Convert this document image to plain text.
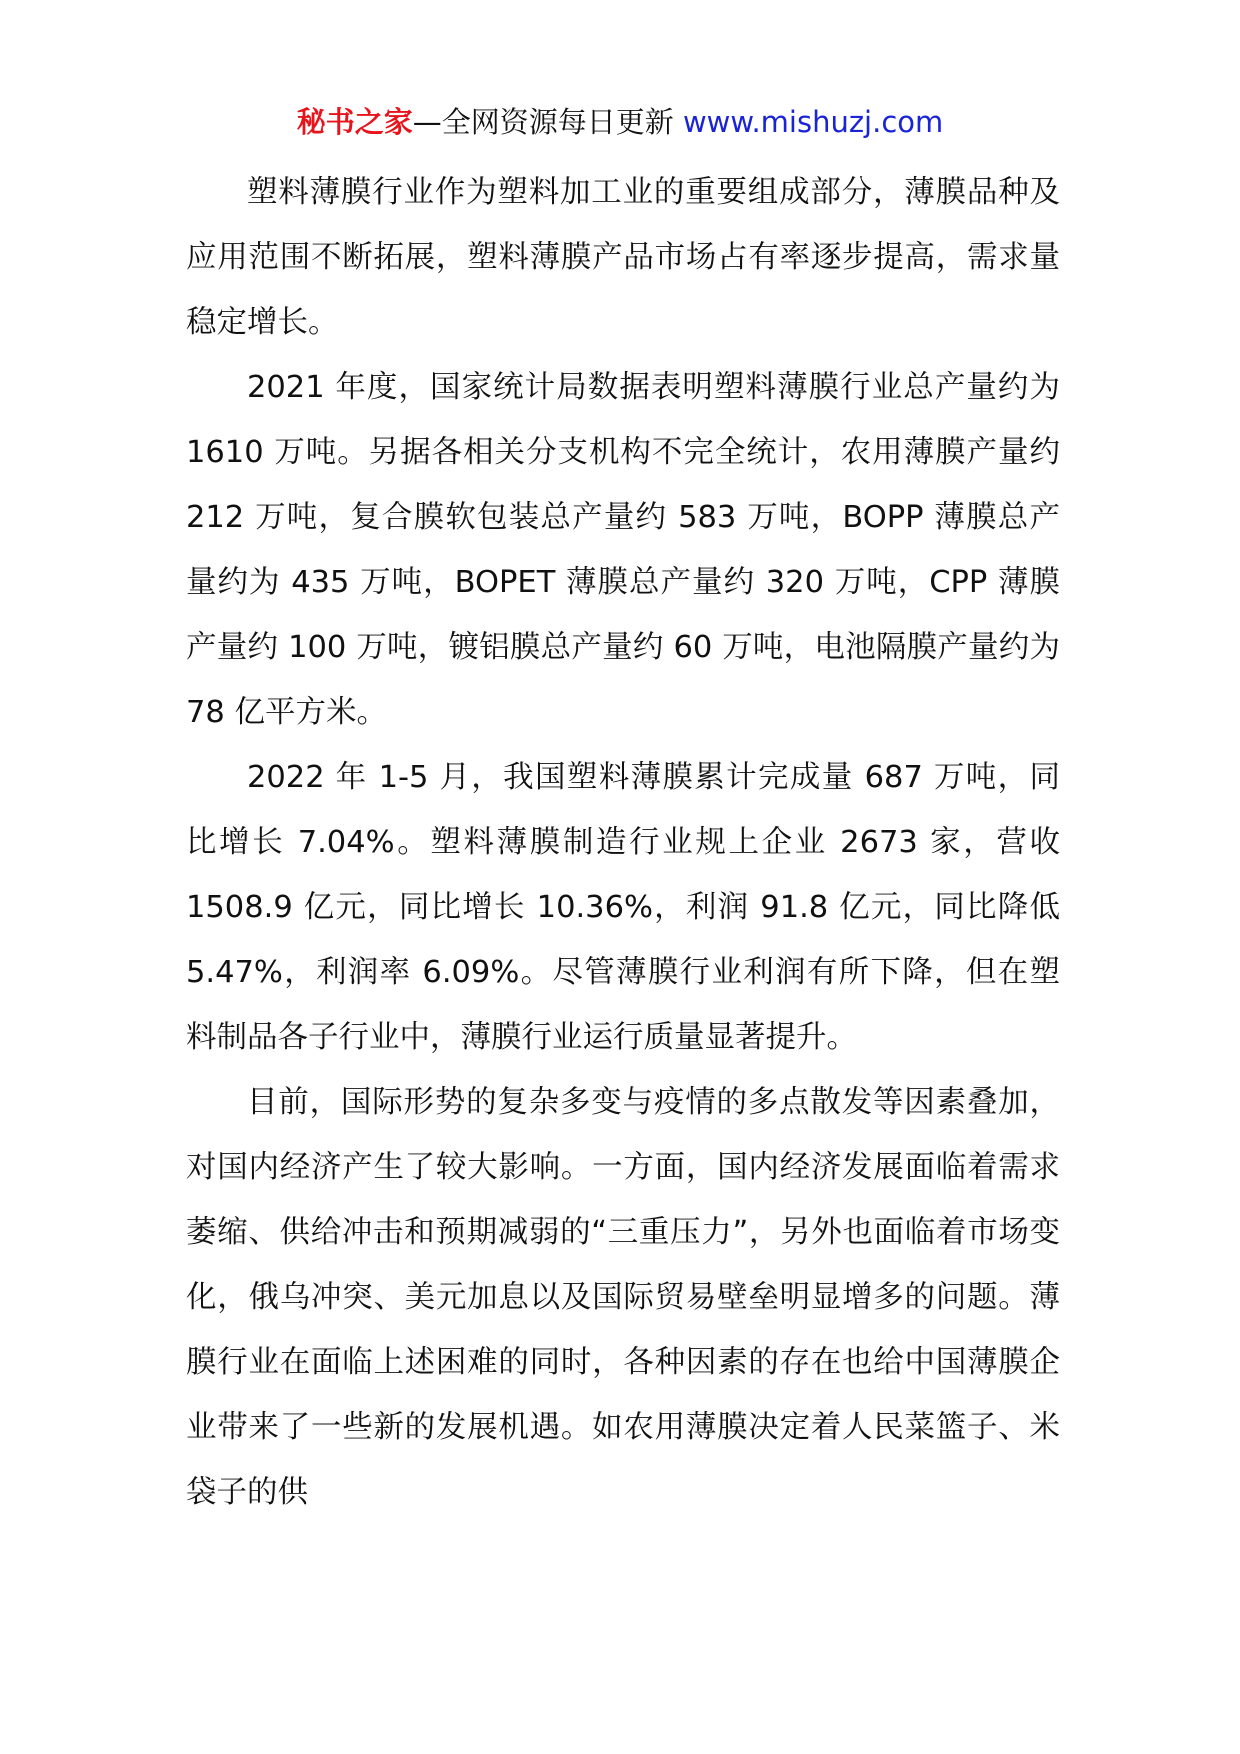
秘书之家—全网资源每日更新 www.mishuzj.com

塑料薄膜行业作为塑料加工业的重要组成部分，薄膜品种及应用范围不断拓展，塑料薄膜产品市场占有率逐步提高，需求量稳定增长。

2021 年度，国家统计局数据表明塑料薄膜行业总产量约为 1610 万吨。另据各相关分支机构不完全统计，农用薄膜产量约 212 万吨，复合膜软包装总产量约 583 万吨，BOPP 薄膜总产量约为 435 万吨，BOPET 薄膜总产量约 320 万吨，CPP 薄膜产量约 100 万吨，镀铝膜总产量约 60 万吨，电池隔膜产量约为 78 亿平方米。

2022 年 1-5 月，我国塑料薄膜累计完成量 687 万吨，同比增长 7.04%。塑料薄膜制造行业规上企业 2673 家，营收 1508.9 亿元，同比增长 10.36%，利润 91.8 亿元，同比降低 5.47%，利润率 6.09%。尽管薄膜行业利润有所下降，但在塑料制品各子行业中，薄膜行业运行质量显著提升。

目前，国际形势的复杂多变与疫情的多点散发等因素叠加，对国内经济产生了较大影响。一方面，国内经济发展面临着需求萎缩、供给冲击和预期减弱的“三重压力”，另外也面临着市场变化，俄乌冲突、美元加息以及国际贸易壁垒明显增多的问题。薄膜行业在面临上述困难的同时，各种因素的存在也给中国薄膜企业带来了一些新的发展机遇。如农用薄膜决定着人民菜篮子、米袋子的供
